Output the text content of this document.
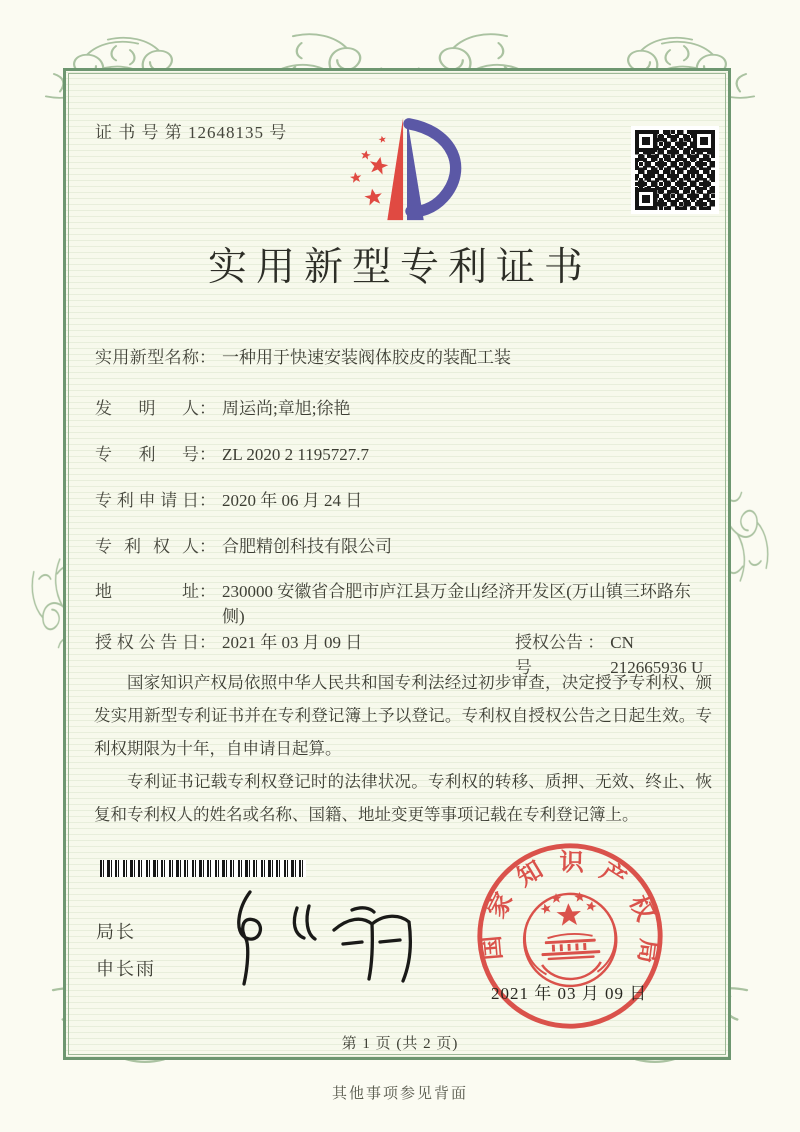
证 书 号 第 12648135 号
实用新型专利证书
实用新型名称 ： 一种用于快速安装阀体胶皮的装配工装
发明人 ： 周运尚;章旭;徐艳
专利号 ： ZL 2020 2 1195727.7
专利申请日 ： 2020 年 06 月 24 日
专利权人 ： 合肥精创科技有限公司
地址 ： 230000 安徽省合肥市庐江县万金山经济开发区(万山镇三环路东侧)
授权公告日 ： 2021 年 03 月 09 日	授权公告号
： CN 212665936 U

国家知识产权局依照中华人民共和国专利法经过初步审查，决定授予专利权、颁发实用新型专利证书并在专利登记簿上予以登记。专利权自授权公告之日起生效。专利权期限为十年，自申请日起算。

专利证书记载专利权登记时的法律状况。专利权的转移、质押、无效、终止、恢复和专利权人的姓名或名称、国籍、地址变更等事项记载在专利登记簿上。

局长
申长雨
国家知识产权局
2021 年 03 月 09 日
第 1 页 (共 2 页)
其他事项参见背面
